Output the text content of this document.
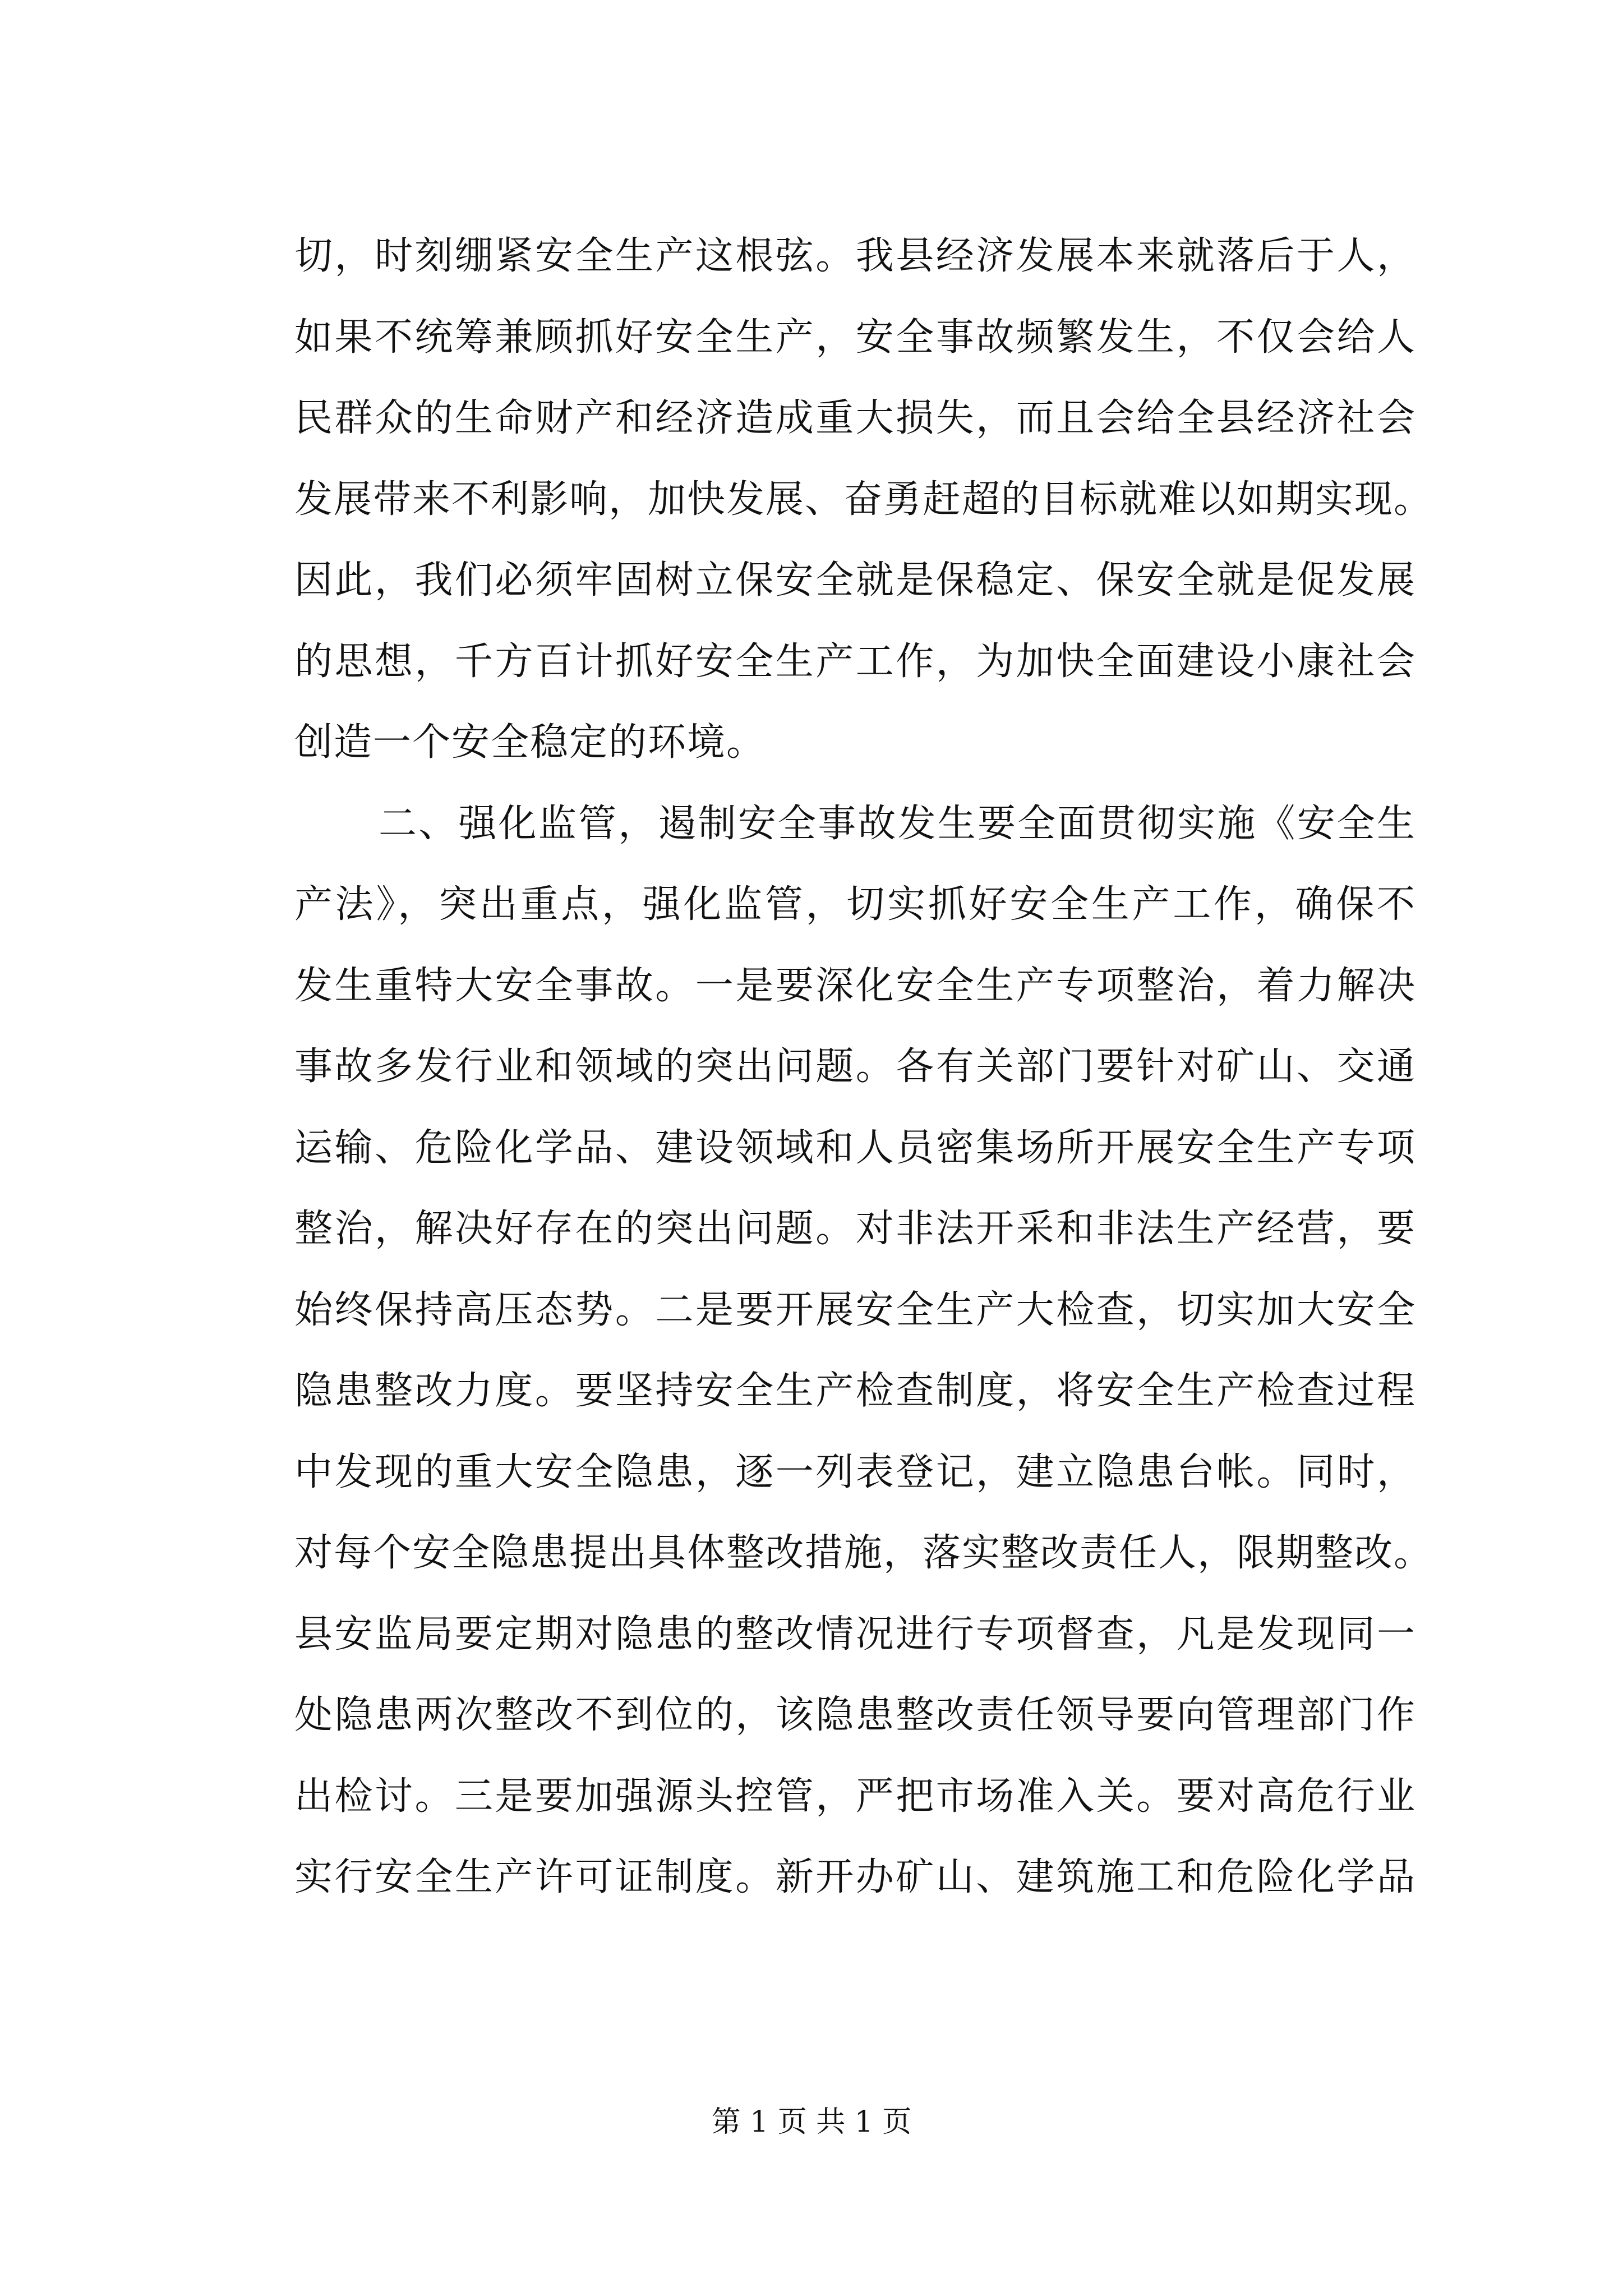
切，时刻绷紧安全生产这根弦。我县经济发展本来就落后于人，
如果不统筹兼顾抓好安全生产，安全事故频繁发生，不仅会给人
民群众的生命财产和经济造成重大损失，而且会给全县经济社会
发展带来不利影响，加快发展、奋勇赶超的目标就难以如期实现。
因此，我们必须牢固树立保安全就是保稳定、保安全就是促发展
的思想，千方百计抓好安全生产工作，为加快全面建设小康社会
创造一个安全稳定的环境。
二、强化监管，遏制安全事故发生要全面贯彻实施《安全生
产法》，突出重点，强化监管，切实抓好安全生产工作，确保不
发生重特大安全事故。一是要深化安全生产专项整治，着力解决
事故多发行业和领域的突出问题。各有关部门要针对矿山、交通
运输、危险化学品、建设领域和人员密集场所开展安全生产专项
整治，解决好存在的突出问题。对非法开采和非法生产经营，要
始终保持高压态势。二是要开展安全生产大检查，切实加大安全
隐患整改力度。要坚持安全生产检查制度，将安全生产检查过程
中发现的重大安全隐患，逐一列表登记，建立隐患台帐。同时，
对每个安全隐患提出具体整改措施，落实整改责任人，限期整改。
县安监局要定期对隐患的整改情况进行专项督查，凡是发现同一
处隐患两次整改不到位的，该隐患整改责任领导要向管理部门作
出检讨。三是要加强源头控管，严把市场准入关。要对高危行业
实行安全生产许可证制度。新开办矿山、建筑施工和危险化学品
第 1 页 共 1 页
